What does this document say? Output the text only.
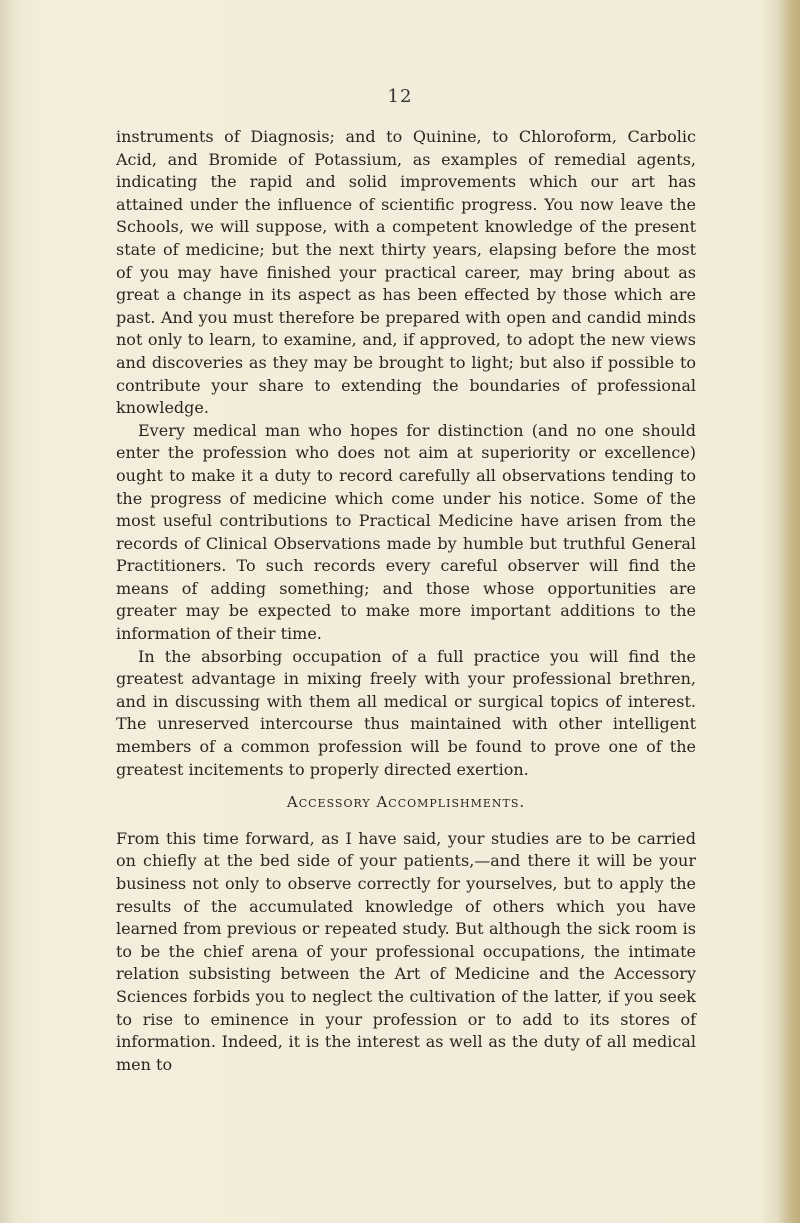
12

instruments of Diagnosis; and to Quinine, to Chloroform, Carbolic Acid, and Bromide of Potassium, as examples of remedial agents, indicating the rapid and solid improvements which our art has attained under the influence of scientific progress. You now leave the Schools, we will suppose, with a competent knowledge of the present state of medicine; but the next thirty years, elapsing before the most of you may have finished your practical career, may bring about as great a change in its aspect as has been effected by those which are past. And you must therefore be prepared with open and candid minds not only to learn, to examine, and, if approved, to adopt the new views and discoveries as they may be brought to light; but also if possible to contribute your share to extending the boundaries of professional knowledge.

Every medical man who hopes for distinction (and no one should enter the profession who does not aim at superiority or excellence) ought to make it a duty to record carefully all observations tending to the progress of medicine which come under his notice. Some of the most useful contributions to Practical Medicine have arisen from the records of Clinical Observations made by humble but truthful General Practitioners. To such records every careful observer will find the means of adding something; and those whose opportunities are greater may be expected to make more important additions to the information of their time.

In the absorbing occupation of a full practice you will find the greatest advantage in mixing freely with your professional brethren, and in discussing with them all medical or surgical topics of interest. The unreserved intercourse thus maintained with other intelligent members of a common profession will be found to prove one of the greatest incitements to properly directed exertion.

Accessory Accomplishments.

From this time forward, as I have said, your studies are to be carried on chiefly at the bed side of your patients,—and there it will be your business not only to observe correctly for yourselves, but to apply the results of the accumulated knowledge of others which you have learned from previous or repeated study. But although the sick room is to be the chief arena of your professional occupations, the intimate relation subsisting between the Art of Medicine and the Accessory Sciences forbids you to neglect the cultivation of the latter, if you seek to rise to eminence in your profession or to add to its stores of information. Indeed, it is the interest as well as the duty of all medical men to
